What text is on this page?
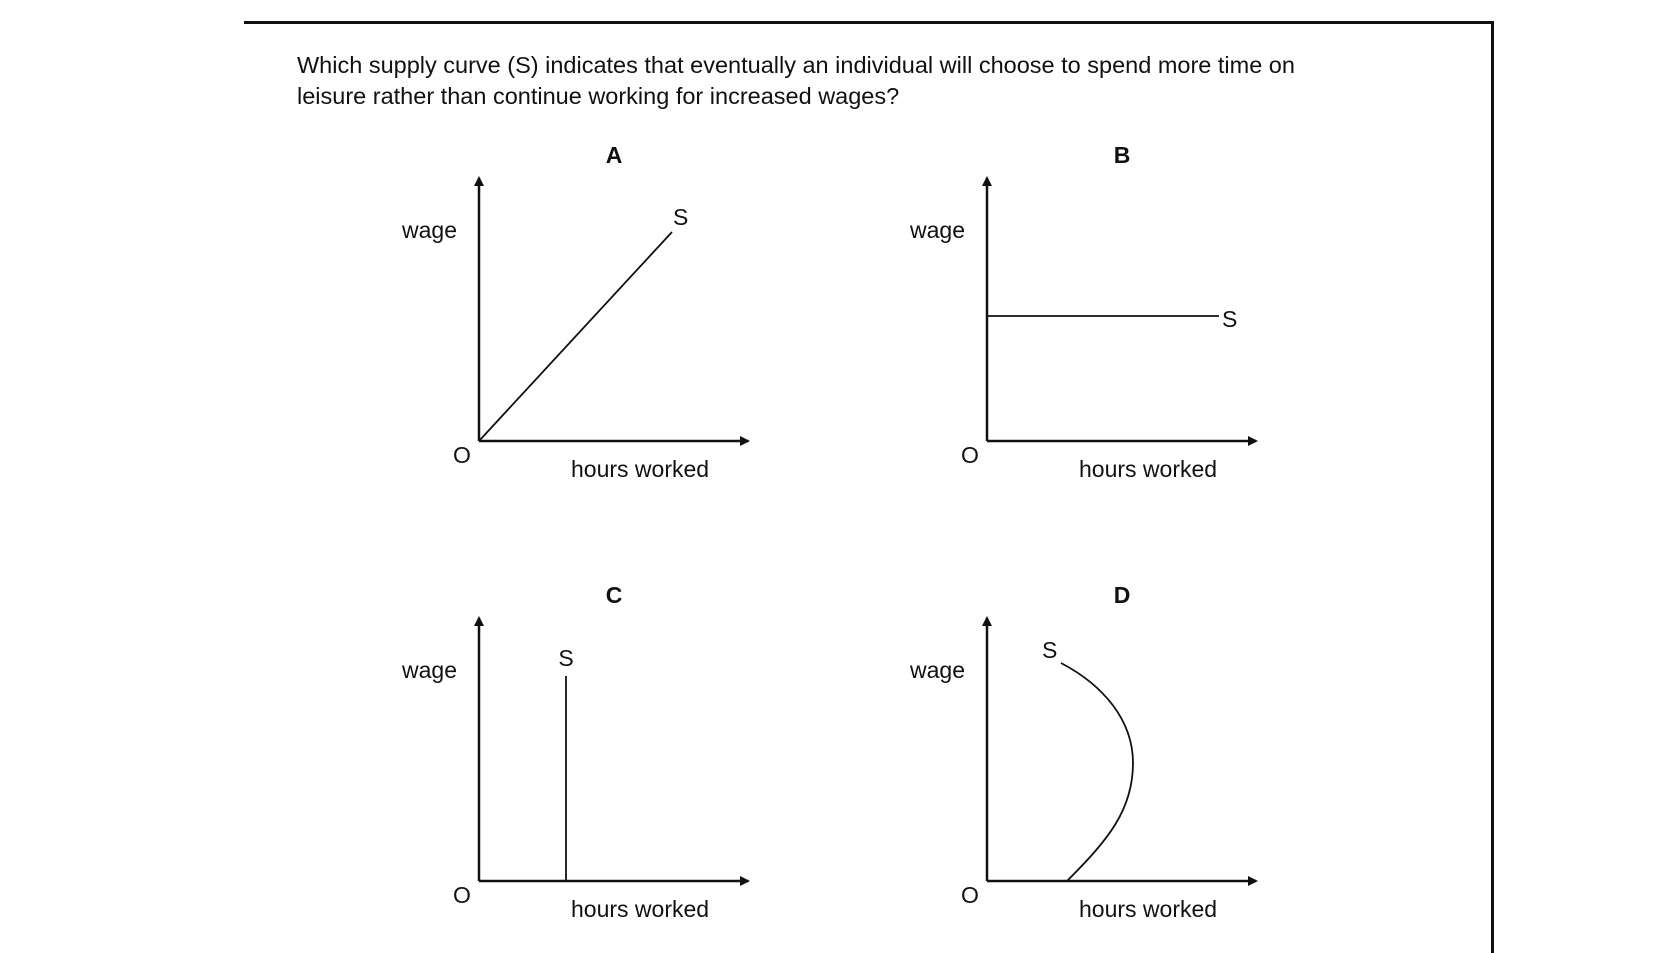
Which supply curve (S) indicates that eventually an individual will choose to spend more time on
leisure rather than continue working for increased wages?

A
wage
hours worked
O
S
B
wage
hours worked
O
S
C
wage
hours worked
O
S
D
wage
hours worked
O
S
